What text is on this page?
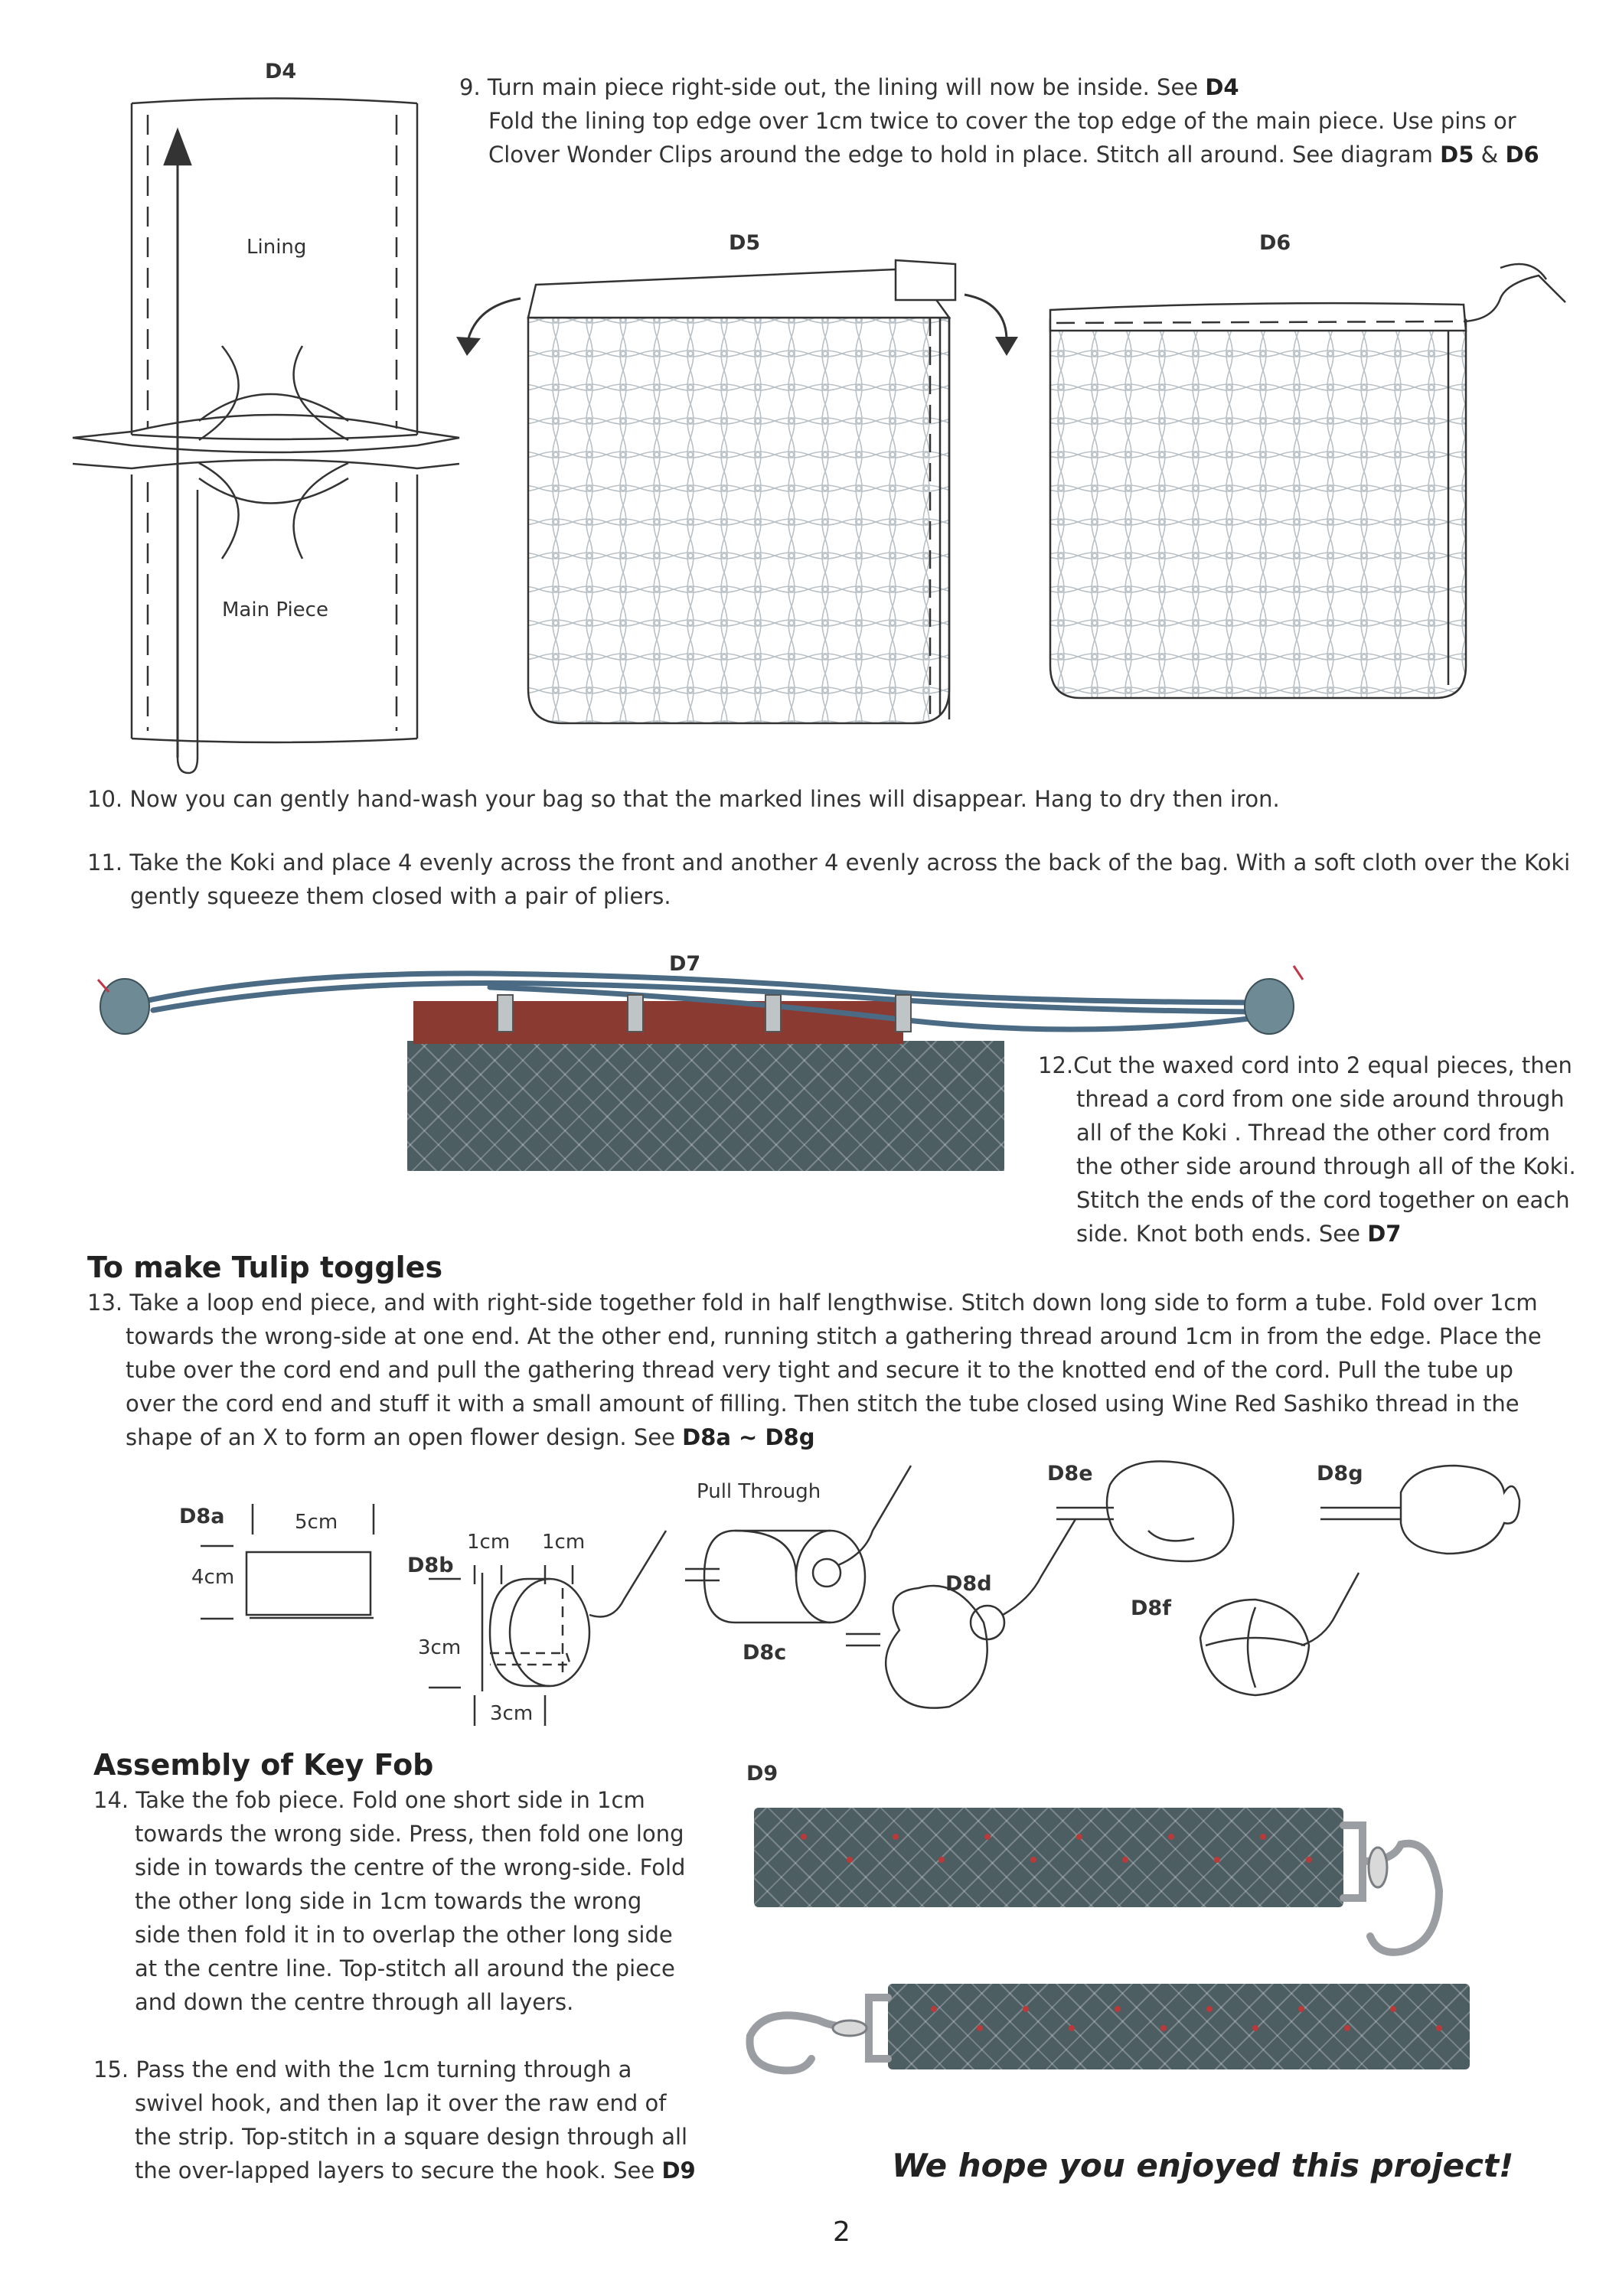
9. Turn main piece right-side out, the lining will now be inside. See D4
Fold the lining top edge over 1cm twice to cover the top edge of the main piece. Use pins or
Clover Wonder Clips around the edge to hold in place. Stitch all around. See diagram D5 & D6
D4
Lining
Main Piece
D5	D6
10. Now you can gently hand-wash your bag so that the marked lines will disappear. Hang to dry then iron.
11. Take the Koki and place 4 evenly across the front and another 4 evenly across the back of the bag. With a soft cloth over the Koki
gently squeeze them closed with a pair of pliers.
D7
12.Cut the waxed cord into 2 equal pieces, then
thread a cord from one side around through
all of the Koki . Thread the other cord from
the other side around through all of the Koki.
Stitch the ends of the cord together on each
side. Knot both ends. See D7
To make Tulip toggles
13. Take a loop end piece, and with right-side together fold in half lengthwise. Stitch down long side to form a tube. Fold over 1cm
towards the wrong-side at one end. At the other end, running stitch a gathering thread around 1cm in from the edge. Place the
tube over the cord end and pull the gathering thread very tight and secure it to the knotted end of the cord. Pull the tube up
over the cord end and stuff it with a small amount of filling. Then stitch the tube closed using Wine Red Sashiko thread in the
shape of an X to form an open flower design. See D8a ~ D8g
D8a	5cm
4cm	D8b
1cm 1cm
3cm
3cm
Pull Through
D8c
D8d
D8e
D8f
D8g
Assembly of Key Fob
14. Take the fob piece. Fold one short side in 1cm
towards the wrong side. Press, then fold one long
side in towards the centre of the wrong-side. Fold
the other long side in 1cm towards the wrong
side then fold it in to overlap the other long side
at the centre line. Top-stitch all around the piece
and down the centre through all layers.
15. Pass the end with the 1cm turning through a
swivel hook, and then lap it over the raw end of
the strip. Top-stitch in a square design through all
the over-lapped layers to secure the hook. See D9
D9
We hope you enjoyed this project!
2
